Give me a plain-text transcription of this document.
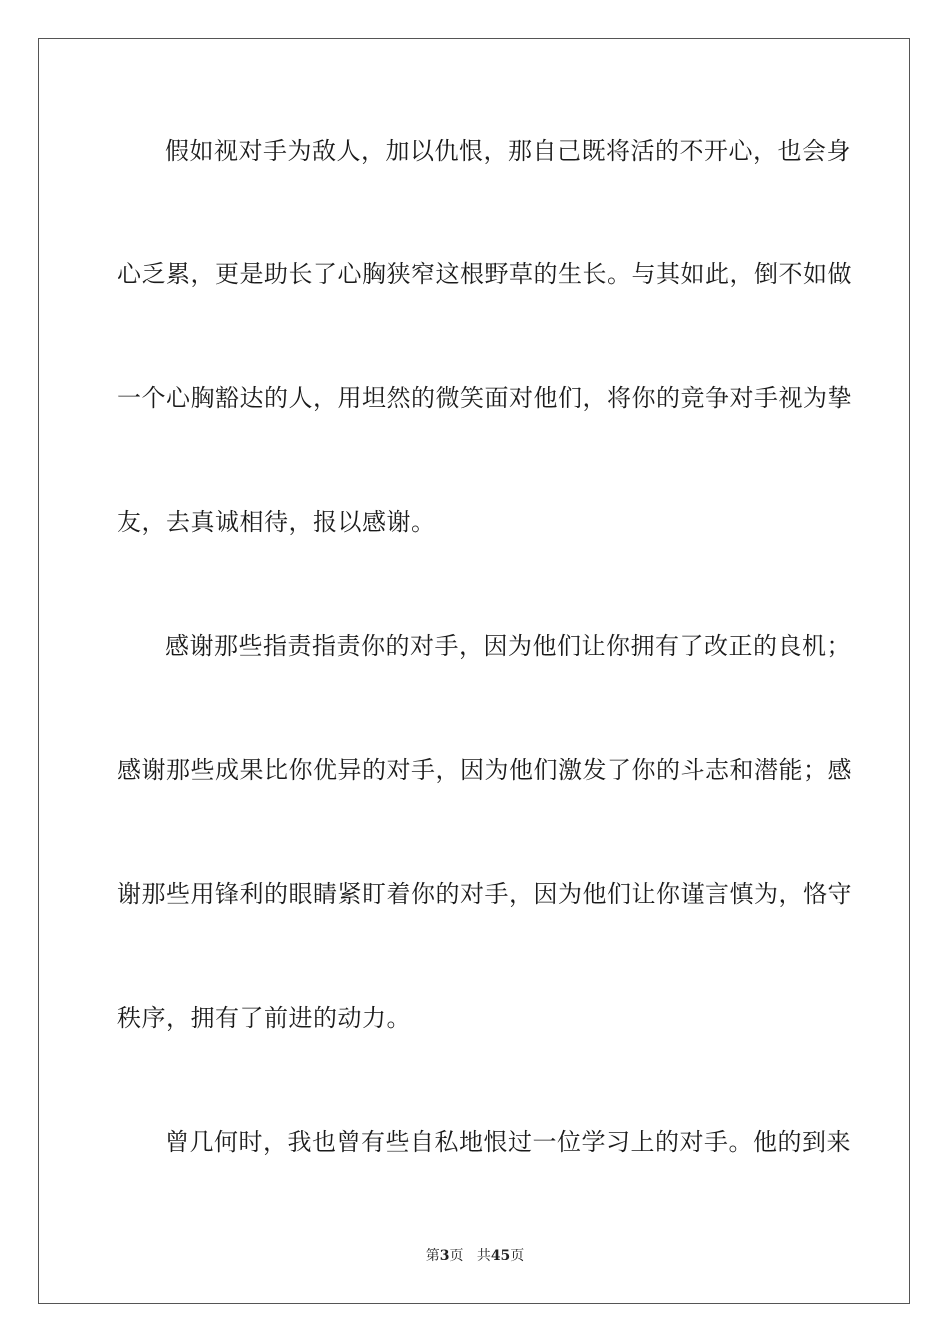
假如视对手为敌人，加以仇恨，那自己既将活的不开心，也会身
心乏累，更是助长了心胸狭窄这根野草的生长。与其如此，倒不如做
一个心胸豁达的人，用坦然的微笑面对他们，将你的竞争对手视为挚
友，去真诚相待，报以感谢。
感谢那些指责指责你的对手，因为他们让你拥有了改正的良机；
感谢那些成果比你优异的对手，因为他们激发了你的斗志和潜能；感
谢那些用锋利的眼睛紧盯着你的对手，因为他们让你谨言慎为，恪守
秩序，拥有了前进的动力。
曾几何时，我也曾有些自私地恨过一位学习上的对手。他的到来
第3页 共45页
